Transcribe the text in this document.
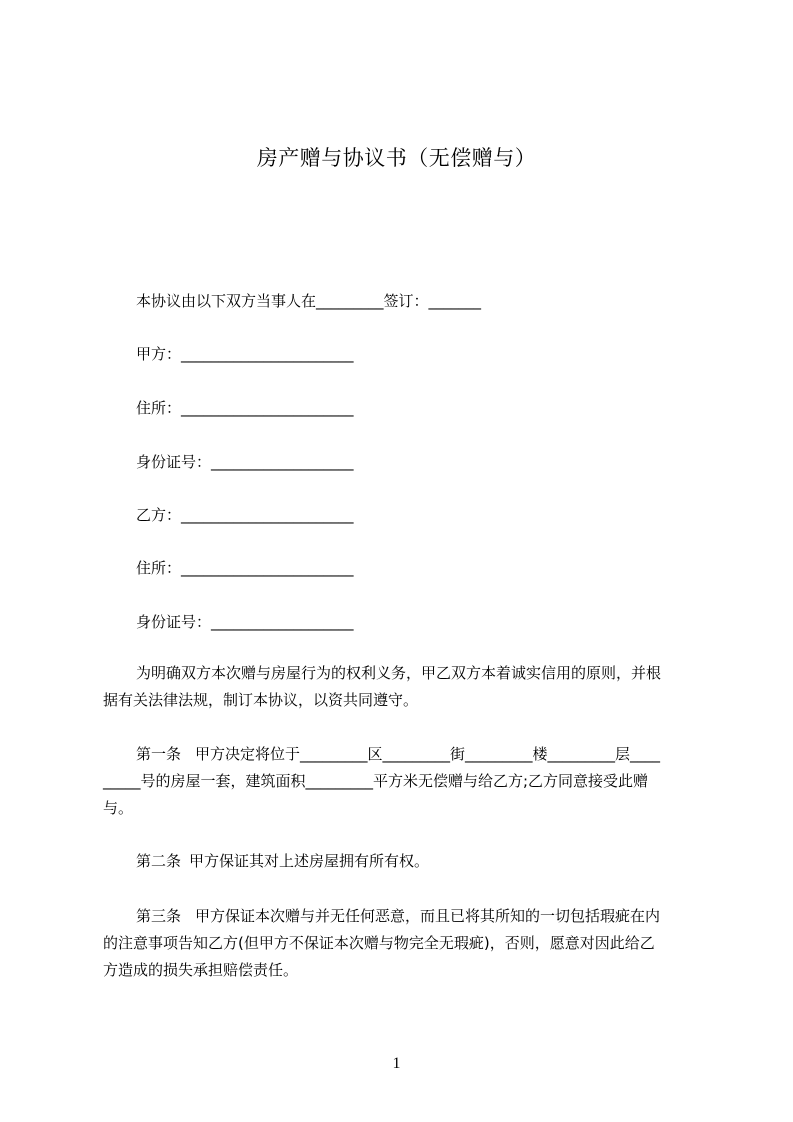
房产赠与协议书（无偿赠与）
本协议由以下双方当事人在_________签订：_______
甲方：_______________________
住所：_______________________
身份证号：___________________
乙方：_______________________
住所：_______________________
身份证号：___________________
为明确双方本次赠与房屋行为的权利义务，甲乙双方本着诚实信用的原则，并根
据有关法律法规，制订本协议，以资共同遵守。
第一条 甲方决定将位于_________区_________街_________楼_________层____
_____号的房屋一套，建筑面积_________平方米无偿赠与给乙方;乙方同意接受此赠
与。
第二条 甲方保证其对上述房屋拥有所有权。
第三条 甲方保证本次赠与并无任何恶意，而且已将其所知的一切包括瑕疵在内
的注意事项告知乙方(但甲方不保证本次赠与物完全无瑕疵)，否则，愿意对因此给乙
方造成的损失承担赔偿责任。
1
